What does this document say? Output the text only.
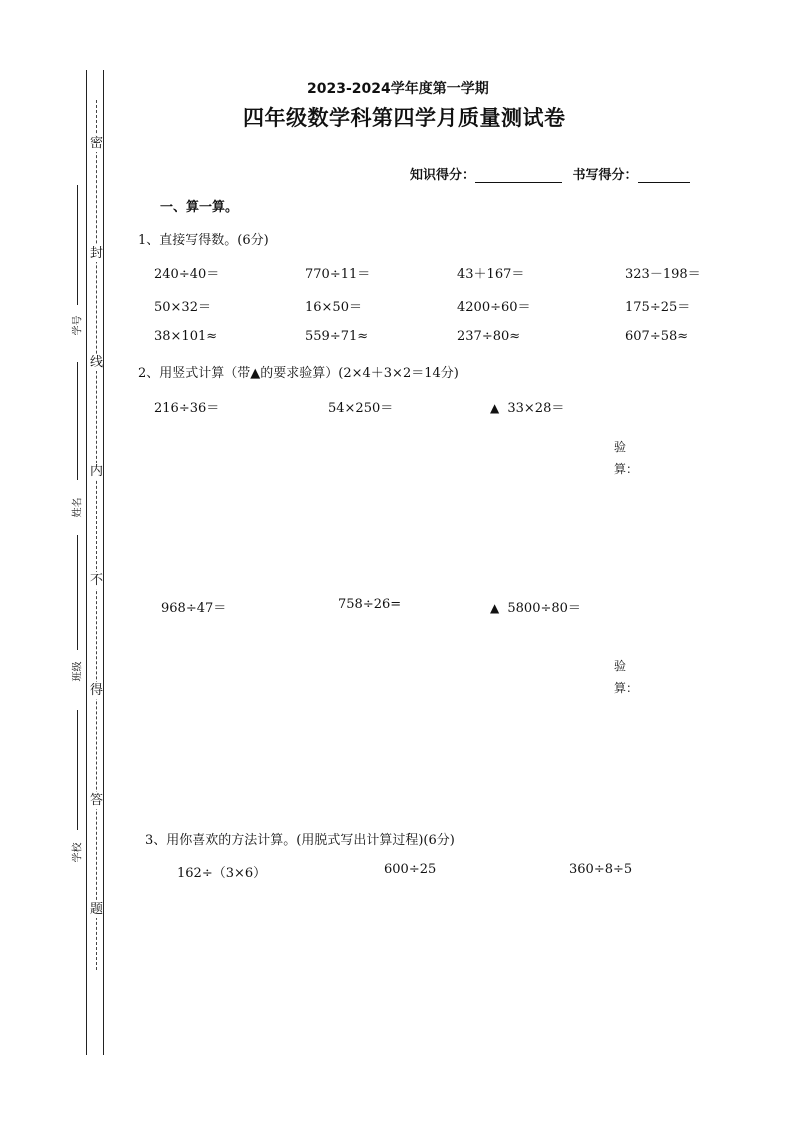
密
封
线
内
不
得
答
题
学号
姓名
班级
学校
2023-2024学年度第一学期
四年级数学科第四学月质量测试卷
知识得分：	书写得分：
一、算一算。
1、直接写得数。(6分)
240÷40＝	770÷11＝	43＋167＝	323－198＝
50×32＝	16×50＝	4200÷60＝	175÷25＝
38×101≈	559÷71≈	237÷80≈	607÷58≈
2、用竖式计算（带▲的要求验算）(2×4＋3×2＝14分)
216÷36＝	54×250＝	▲ 33×28＝
验算：
968÷47＝	758÷26=	▲ 5800÷80＝
验算：
3、用你喜欢的方法计算。(用脱式写出计算过程)(6分)
162÷（3×6）	600÷25	360÷8÷5
